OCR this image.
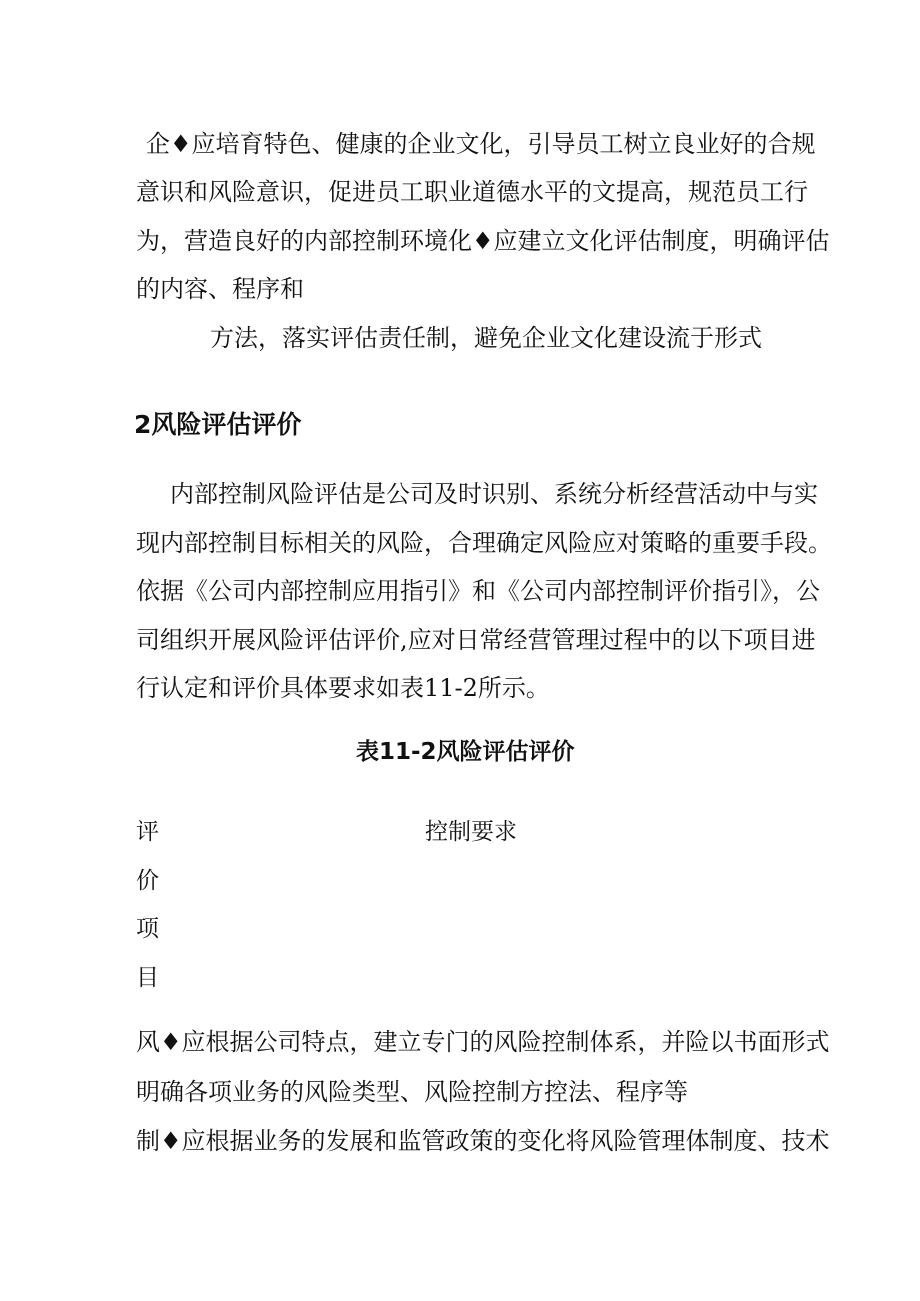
企♦应培育特色、健康的企业文化，引导员工树立良业好的合规
意识和风险意识，促进员工职业道德水平的文提高，规范员工行
为，营造良好的内部控制环境化♦应建立文化评估制度，明确评估
的内容、程序和
方法，落实评估责任制，避免企业文化建设流于形式
2风险评估评价
内部控制风险评估是公司及时识别、系统分析经营活动中与实
现内部控制目标相关的风险，合理确定风险应对策略的重要手段。
依据《公司内部控制应用指引》和《公司内部控制评价指引》，公
司组织开展风险评估评价,应对日常经营管理过程中的以下项目进
行认定和评价具体要求如表11-2所示。
表11-2风险评估评价
评
价
项
目
控制要求
风♦应根据公司特点，建立专门的风险控制体系，并险以书面形式
明确各项业务的风险类型、风险控制方控法、程序等
制♦应根据业务的发展和监管政策的变化将风险管理体制度、技术
